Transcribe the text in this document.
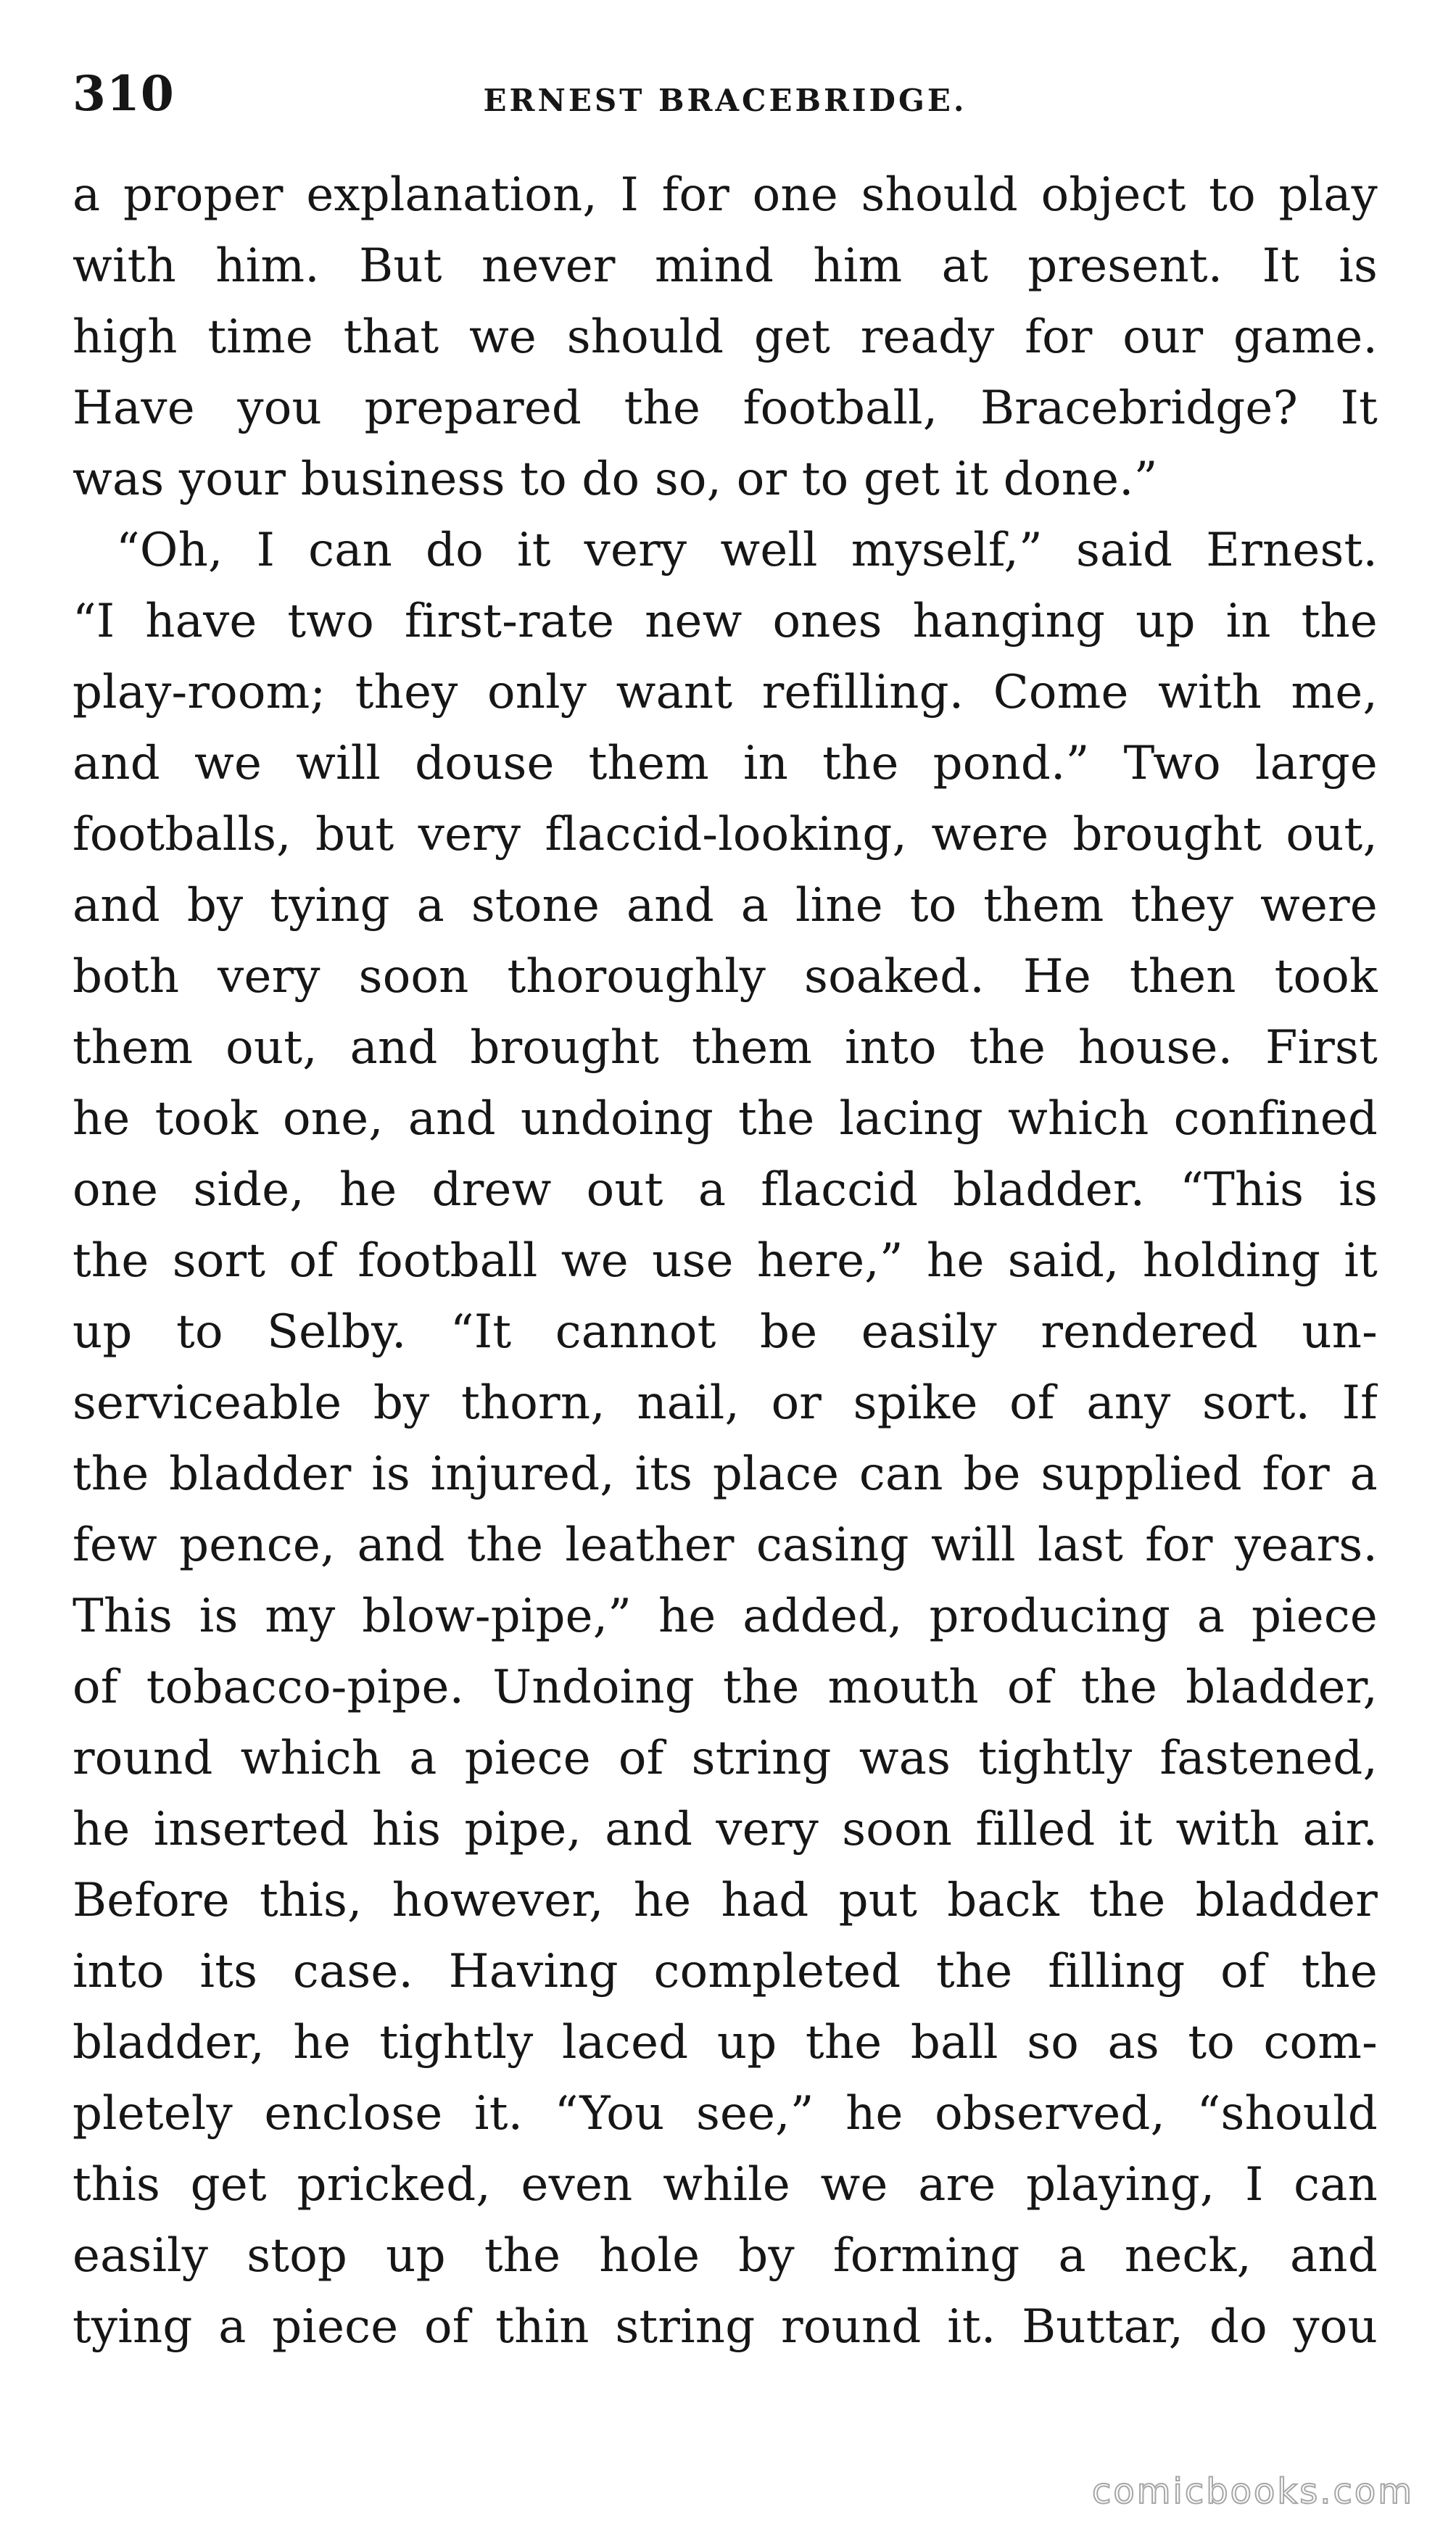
310	ERNEST BRACEBRIDGE.
a proper explanation, I for one should object to play
with him. But never mind him at present. It is
high time that we should get ready for our game.
Have you prepared the football, Bracebridge? It
was your business to do so, or to get it done.”
“Oh, I can do it very well myself,” said Ernest.
“I have two first-rate new ones hanging up in the
play-room; they only want refilling. Come with me,
and we will douse them in the pond.” Two large
footballs, but very flaccid-looking, were brought out,
and by tying a stone and a line to them they were
both very soon thoroughly soaked. He then took
them out, and brought them into the house. First
he took one, and undoing the lacing which confined
one side, he drew out a flaccid bladder. “This is
the sort of football we use here,” he said, holding it
up to Selby. “It cannot be easily rendered un-
serviceable by thorn, nail, or spike of any sort. If
the bladder is injured, its place can be supplied for a
few pence, and the leather casing will last for years.
This is my blow-pipe,” he added, producing a piece
of tobacco-pipe. Undoing the mouth of the bladder,
round which a piece of string was tightly fastened,
he inserted his pipe, and very soon filled it with air.
Before this, however, he had put back the bladder
into its case. Having completed the filling of the
bladder, he tightly laced up the ball so as to com-
pletely enclose it. “You see,” he observed, “should
this get pricked, even while we are playing, I can
easily stop up the hole by forming a neck, and
tying a piece of thin string round it. Buttar, do you
comicbooks.com
